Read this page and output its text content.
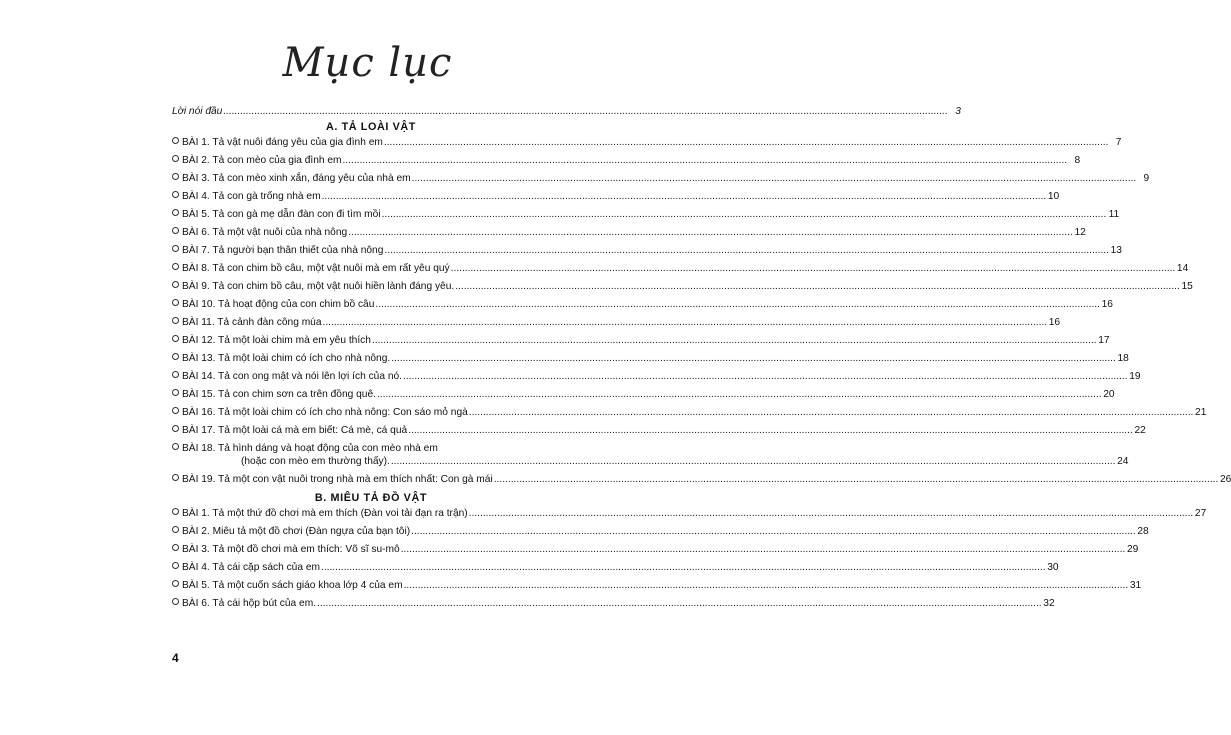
Mục lục
Lời nói đầu .....	3
A. TẢ LOÀI VẬT
BÀI 1. Tả vật nuôi đáng yêu của gia đình em .....	7
BÀI 2. Tả con mèo của gia đình em .....	8
BÀI 3. Tả con mèo xinh xắn, đáng yêu của nhà em .....	9
BÀI 4. Tả con gà trống nhà em .....	10
BÀI 5. Tả con gà mẹ dẫn đàn con đi tìm mồi .....	11
BÀI 6. Tả một vật nuôi của nhà nông .....	12
BÀI 7. Tả người bạn thân thiết của nhà nông .....	13
BÀI 8. Tả con chim bồ câu, một vật nuôi mà em rất yêu quý .....	14
BÀI 9. Tả con chim bồ câu, một vật nuôi hiền lành đáng yêu. .....	15
BÀI 10. Tả hoạt động của con chim bồ câu .....	16
BÀI 11. Tả cảnh đàn công múa .....	16
BÀI 12. Tả một loài chim mà em yêu thích .....	17
BÀI 13. Tả một loài chim có ích cho nhà nông. .....	18
BÀI 14. Tả con ong mật và nói lên lợi ích của nó. .....	19
BÀI 15. Tả con chim sơn ca trên đồng quê. .....	20
BÀI 16. Tả một loài chim có ích cho nhà nông: Con sáo mỏ ngà .....	21
BÀI 17. Tả một loài cá mà em biết: Cá mè, cá quả .....	22
BÀI 18. Tả hình dáng và hoạt động của con mèo nhà em
(hoặc con mèo em thường thấy). .....	24
BÀI 19. Tả một con vật nuôi trong nhà mà em thích nhất: Con gà mái .....	26
B. MIÊU TẢ ĐỒ VẬT
BÀI 1. Tả một thứ đồ chơi mà em thích (Đàn voi tải đạn ra trận) .....	27
BÀI 2. Miêu tả một đồ chơi (Đàn ngựa của bạn tôi) .....	28
BÀI 3. Tả một đồ chơi mà em thích: Võ sĩ su-mô .....	29
BÀI 4. Tả cái cặp sách của em .....	30
BÀI 5. Tả một cuốn sách giáo khoa lớp 4 của em .....	31
BÀI 6. Tả cái hộp bút của em. .....	32
4
